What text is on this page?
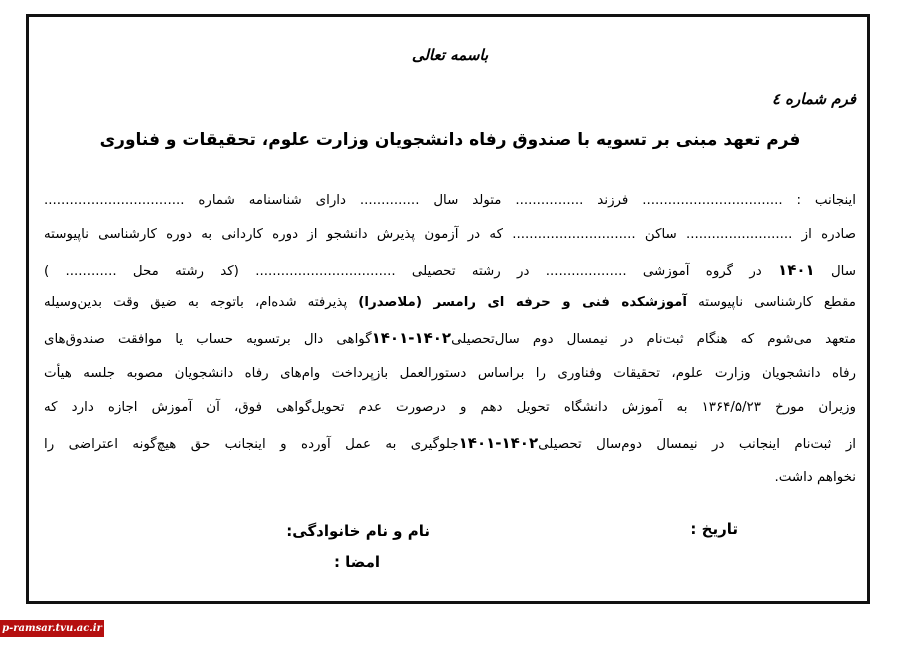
باسمه تعالی
فرم شماره ٤
فرم تعهد مبنی بر تسویه با صندوق رفاه دانشجویان وزارت علوم، تحقیقات و فناوری
اینجانب : ................................. فرزند ................ متولد سال .............. دارای شناسنامه شماره .................................
صادره از ......................... ساکن ............................. که در آزمون پذیرش دانشجو از دوره کاردانی به دوره کارشناسی ناپیوسته
سال ۱۴۰۱ در گروه آموزشی ................... در رشته تحصیلی ................................. (کد رشته محل ............ )
مقطع کارشناسی ناپیوسته آموزشکده فنی و حرفه ای رامسر (ملاصدرا) پذیرفته شده‌ام، باتوجه به ضیق وقت بدین‌وسیله
متعهد می‌شوم که هنگام ثبت‌نام در نیمسال دوم سال‌تحصیلی۱۴۰۲-۱۴۰۱گواهی دال برتسویه حساب یا موافقت صندوق‌های
رفاه دانشجویان وزارت علوم، تحقیقات وفناوری را براساس دستورالعمل بازپرداخت وام‌های رفاه دانشجویان مصوبه جلسه هیأت
وزیران مورخ ۱۳۶۴/۵/۲۳ به آموزش دانشگاه تحویل دهم و درصورت عدم تحویل‌گواهی فوق، آن آموزش اجازه دارد که
از ثبت‌نام اینجانب در نیمسال دوم‌سال تحصیلی۱۴۰۲-۱۴۰۱جلوگیری به عمل آورده و اینجانب حق هیچ‌گونه اعتراضی را
نخواهم داشت.
تاریخ :
نام و نام خانوادگی:
امضا :
p-ramsar.tvu.ac.ir
